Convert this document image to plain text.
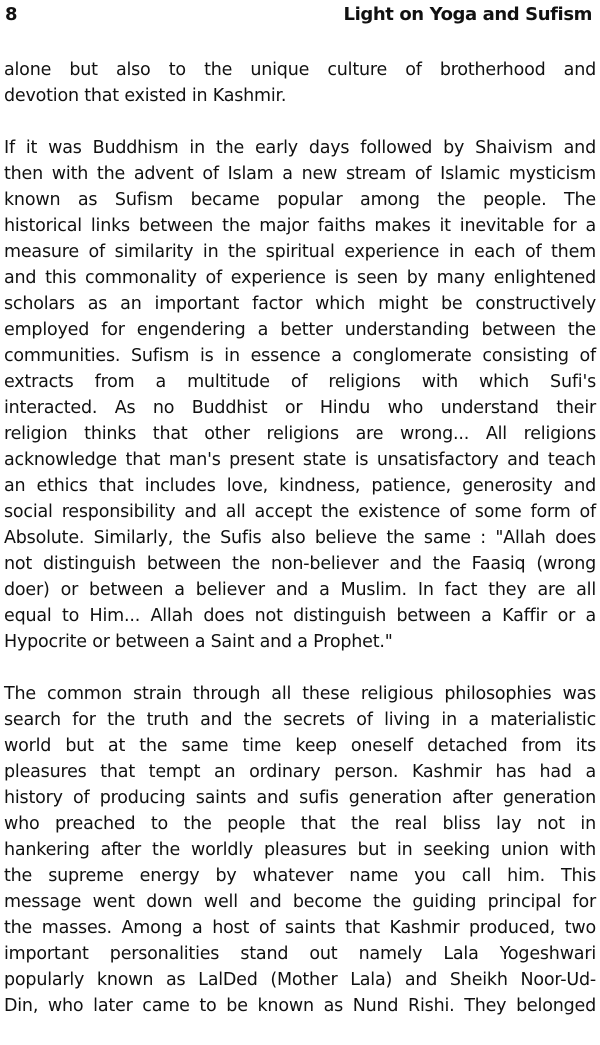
8	Light on Yoga and Sufism
alone but also to the unique culture of brotherhood and
devotion that existed in Kashmir.
If it was Buddhism in the early days followed by Shaivism and
then with the advent of Islam a new stream of Islamic mysticism
known as Sufism became popular among the people. The
historical links between the major faiths makes it inevitable for a
measure of similarity in the spiritual experience in each of them
and this commonality of experience is seen by many enlightened
scholars as an important factor which might be constructively
employed for engendering a better understanding between the
communities. Sufism is in essence a conglomerate consisting of
extracts from a multitude of religions with which Sufi's
interacted. As no Buddhist or Hindu who understand their
religion thinks that other religions are wrong... All religions
acknowledge that man's present state is unsatisfactory and teach
an ethics that includes love, kindness, patience, generosity and
social responsibility and all accept the existence of some form of
Absolute. Similarly, the Sufis also believe the same : "Allah does
not distinguish between the non-believer and the Faasiq (wrong
doer) or between a believer and a Muslim. In fact they are all
equal to Him... Allah does not distinguish between a Kaffir or a
Hypocrite or between a Saint and a Prophet."
The common strain through all these religious philosophies was
search for the truth and the secrets of living in a materialistic
world but at the same time keep oneself detached from its
pleasures that tempt an ordinary person. Kashmir has had a
history of producing saints and sufis generation after generation
who preached to the people that the real bliss lay not in
hankering after the worldly pleasures but in seeking union with
the supreme energy by whatever name you call him. This
message went down well and become the guiding principal for
the masses. Among a host of saints that Kashmir produced, two
important personalities stand out namely Lala Yogeshwari
popularly known as LalDed (Mother Lala) and Sheikh Noor-Ud-
Din, who later came to be known as Nund Rishi. They belonged
